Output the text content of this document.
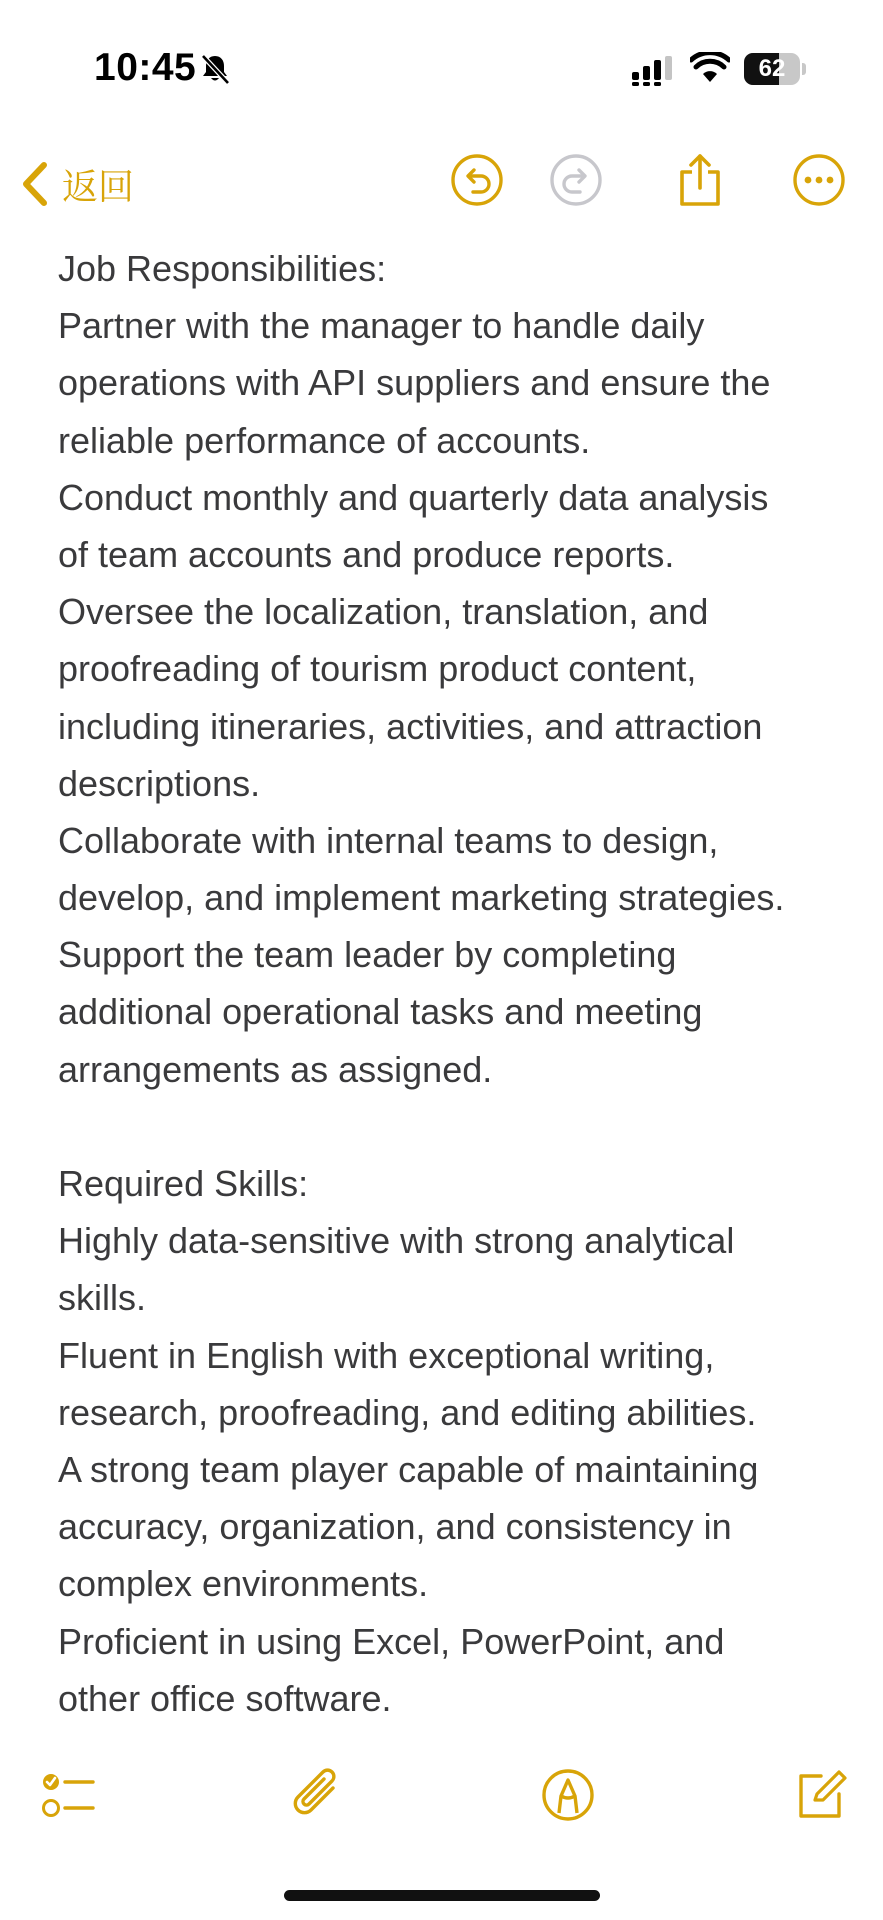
10:45	62
返回
Job Responsibilities:
Partner with the manager to handle daily
operations with API suppliers and ensure the
reliable performance of accounts.
Conduct monthly and quarterly data analysis
of team accounts and produce reports.
Oversee the localization, translation, and
proofreading of tourism product content,
including itineraries, activities, and attraction
descriptions.
Collaborate with internal teams to design,
develop, and implement marketing strategies.
Support the team leader by completing
additional operational tasks and meeting
arrangements as assigned.
Required Skills:
Highly data-sensitive with strong analytical
skills.
Fluent in English with exceptional writing,
research, proofreading, and editing abilities.
A strong team player capable of maintaining
accuracy, organization, and consistency in
complex environments.
Proficient in using Excel, PowerPoint, and
other office software.
